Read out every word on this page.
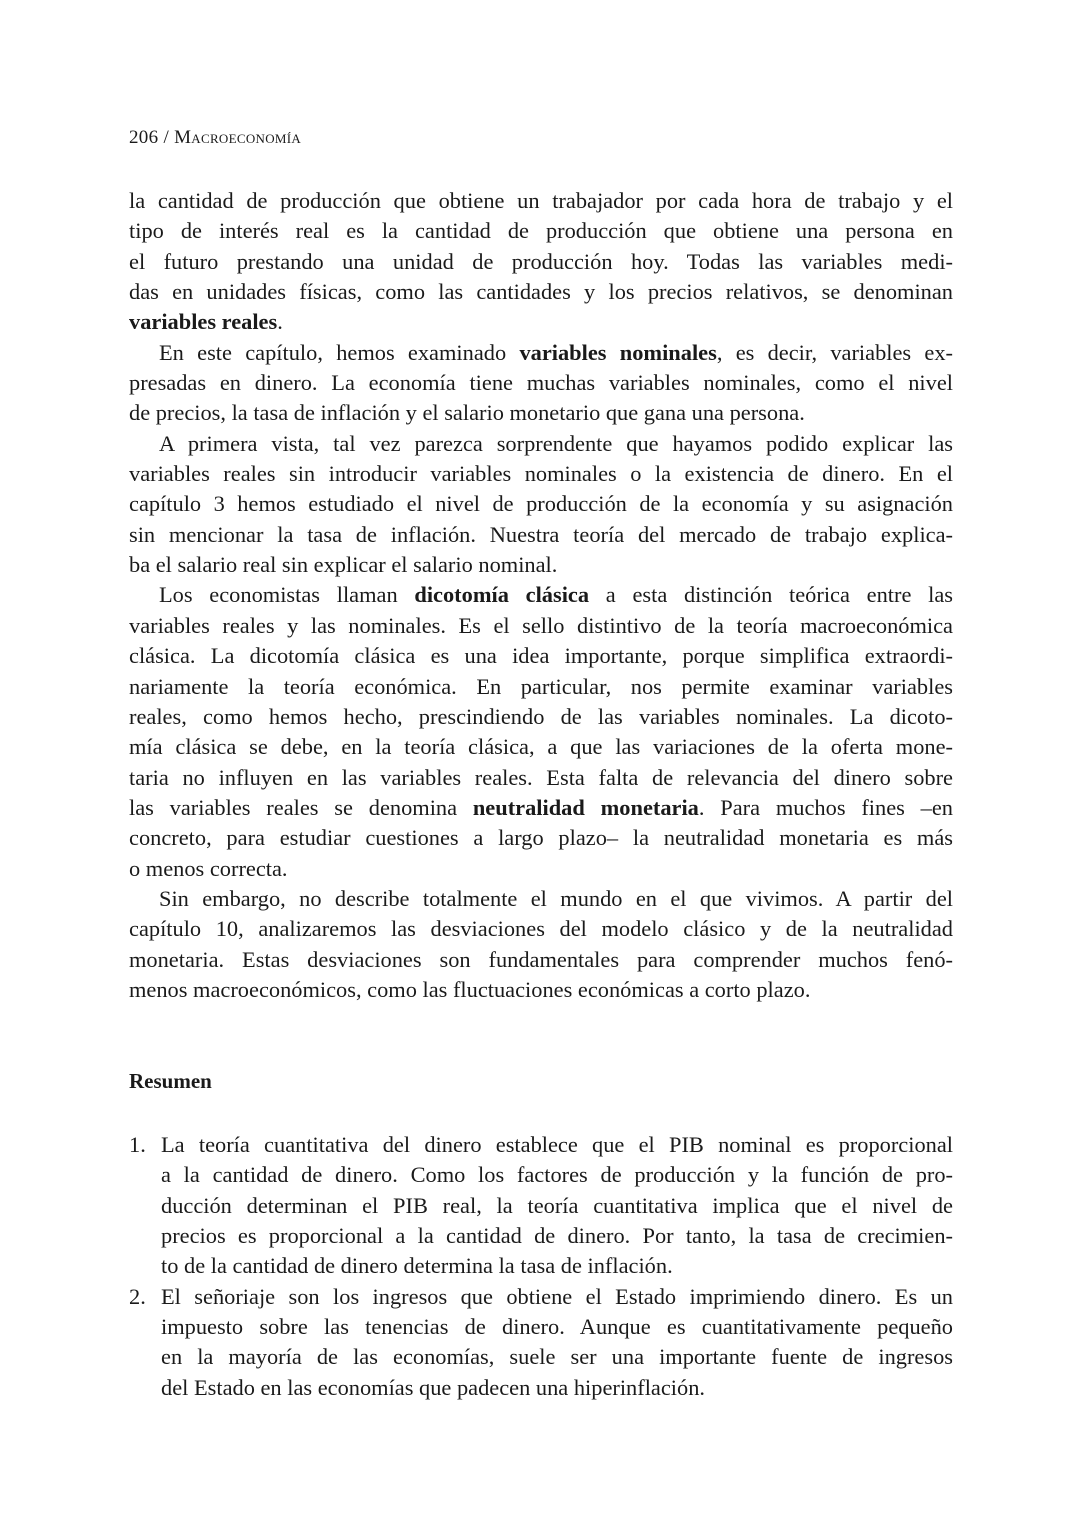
206 / Macroeconomía
la cantidad de producción que obtiene un trabajador por cada hora de trabajo y el
tipo de interés real es la cantidad de producción que obtiene una persona en
el futuro prestando una unidad de producción hoy. Todas las variables medi-
das en unidades físicas, como las cantidades y los precios relativos, se denominan
variables reales.
En este capítulo, hemos examinado variables nominales, es decir, variables ex-
presadas en dinero. La economía tiene muchas variables nominales, como el nivel
de precios, la tasa de inflación y el salario monetario que gana una persona.
A primera vista, tal vez parezca sorprendente que hayamos podido explicar las
variables reales sin introducir variables nominales o la existencia de dinero. En el
capítulo 3 hemos estudiado el nivel de producción de la economía y su asignación
sin mencionar la tasa de inflación. Nuestra teoría del mercado de trabajo explica-
ba el salario real sin explicar el salario nominal.
Los economistas llaman dicotomía clásica a esta distinción teórica entre las
variables reales y las nominales. Es el sello distintivo de la teoría macroeconómica
clásica. La dicotomía clásica es una idea importante, porque simplifica extraordi-
nariamente la teoría económica. En particular, nos permite examinar variables
reales, como hemos hecho, prescindiendo de las variables nominales. La dicoto-
mía clásica se debe, en la teoría clásica, a que las variaciones de la oferta mone-
taria no influyen en las variables reales. Esta falta de relevancia del dinero sobre
las variables reales se denomina neutralidad monetaria. Para muchos fines –en
concreto, para estudiar cuestiones a largo plazo– la neutralidad monetaria es más
o menos correcta.
Sin embargo, no describe totalmente el mundo en el que vivimos. A partir del
capítulo 10, analizaremos las desviaciones del modelo clásico y de la neutralidad
monetaria. Estas desviaciones son fundamentales para comprender muchos fenó-
menos macroeconómicos, como las fluctuaciones económicas a corto plazo.
Resumen
1. La teoría cuantitativa del dinero establece que el PIB nominal es proporcional
a la cantidad de dinero. Como los factores de producción y la función de pro-
ducción determinan el PIB real, la teoría cuantitativa implica que el nivel de
precios es proporcional a la cantidad de dinero. Por tanto, la tasa de crecimien-
to de la cantidad de dinero determina la tasa de inflación.
2. El señoriaje son los ingresos que obtiene el Estado imprimiendo dinero. Es un
impuesto sobre las tenencias de dinero. Aunque es cuantitativamente pequeño
en la mayoría de las economías, suele ser una importante fuente de ingresos
del Estado en las economías que padecen una hiperinflación.
